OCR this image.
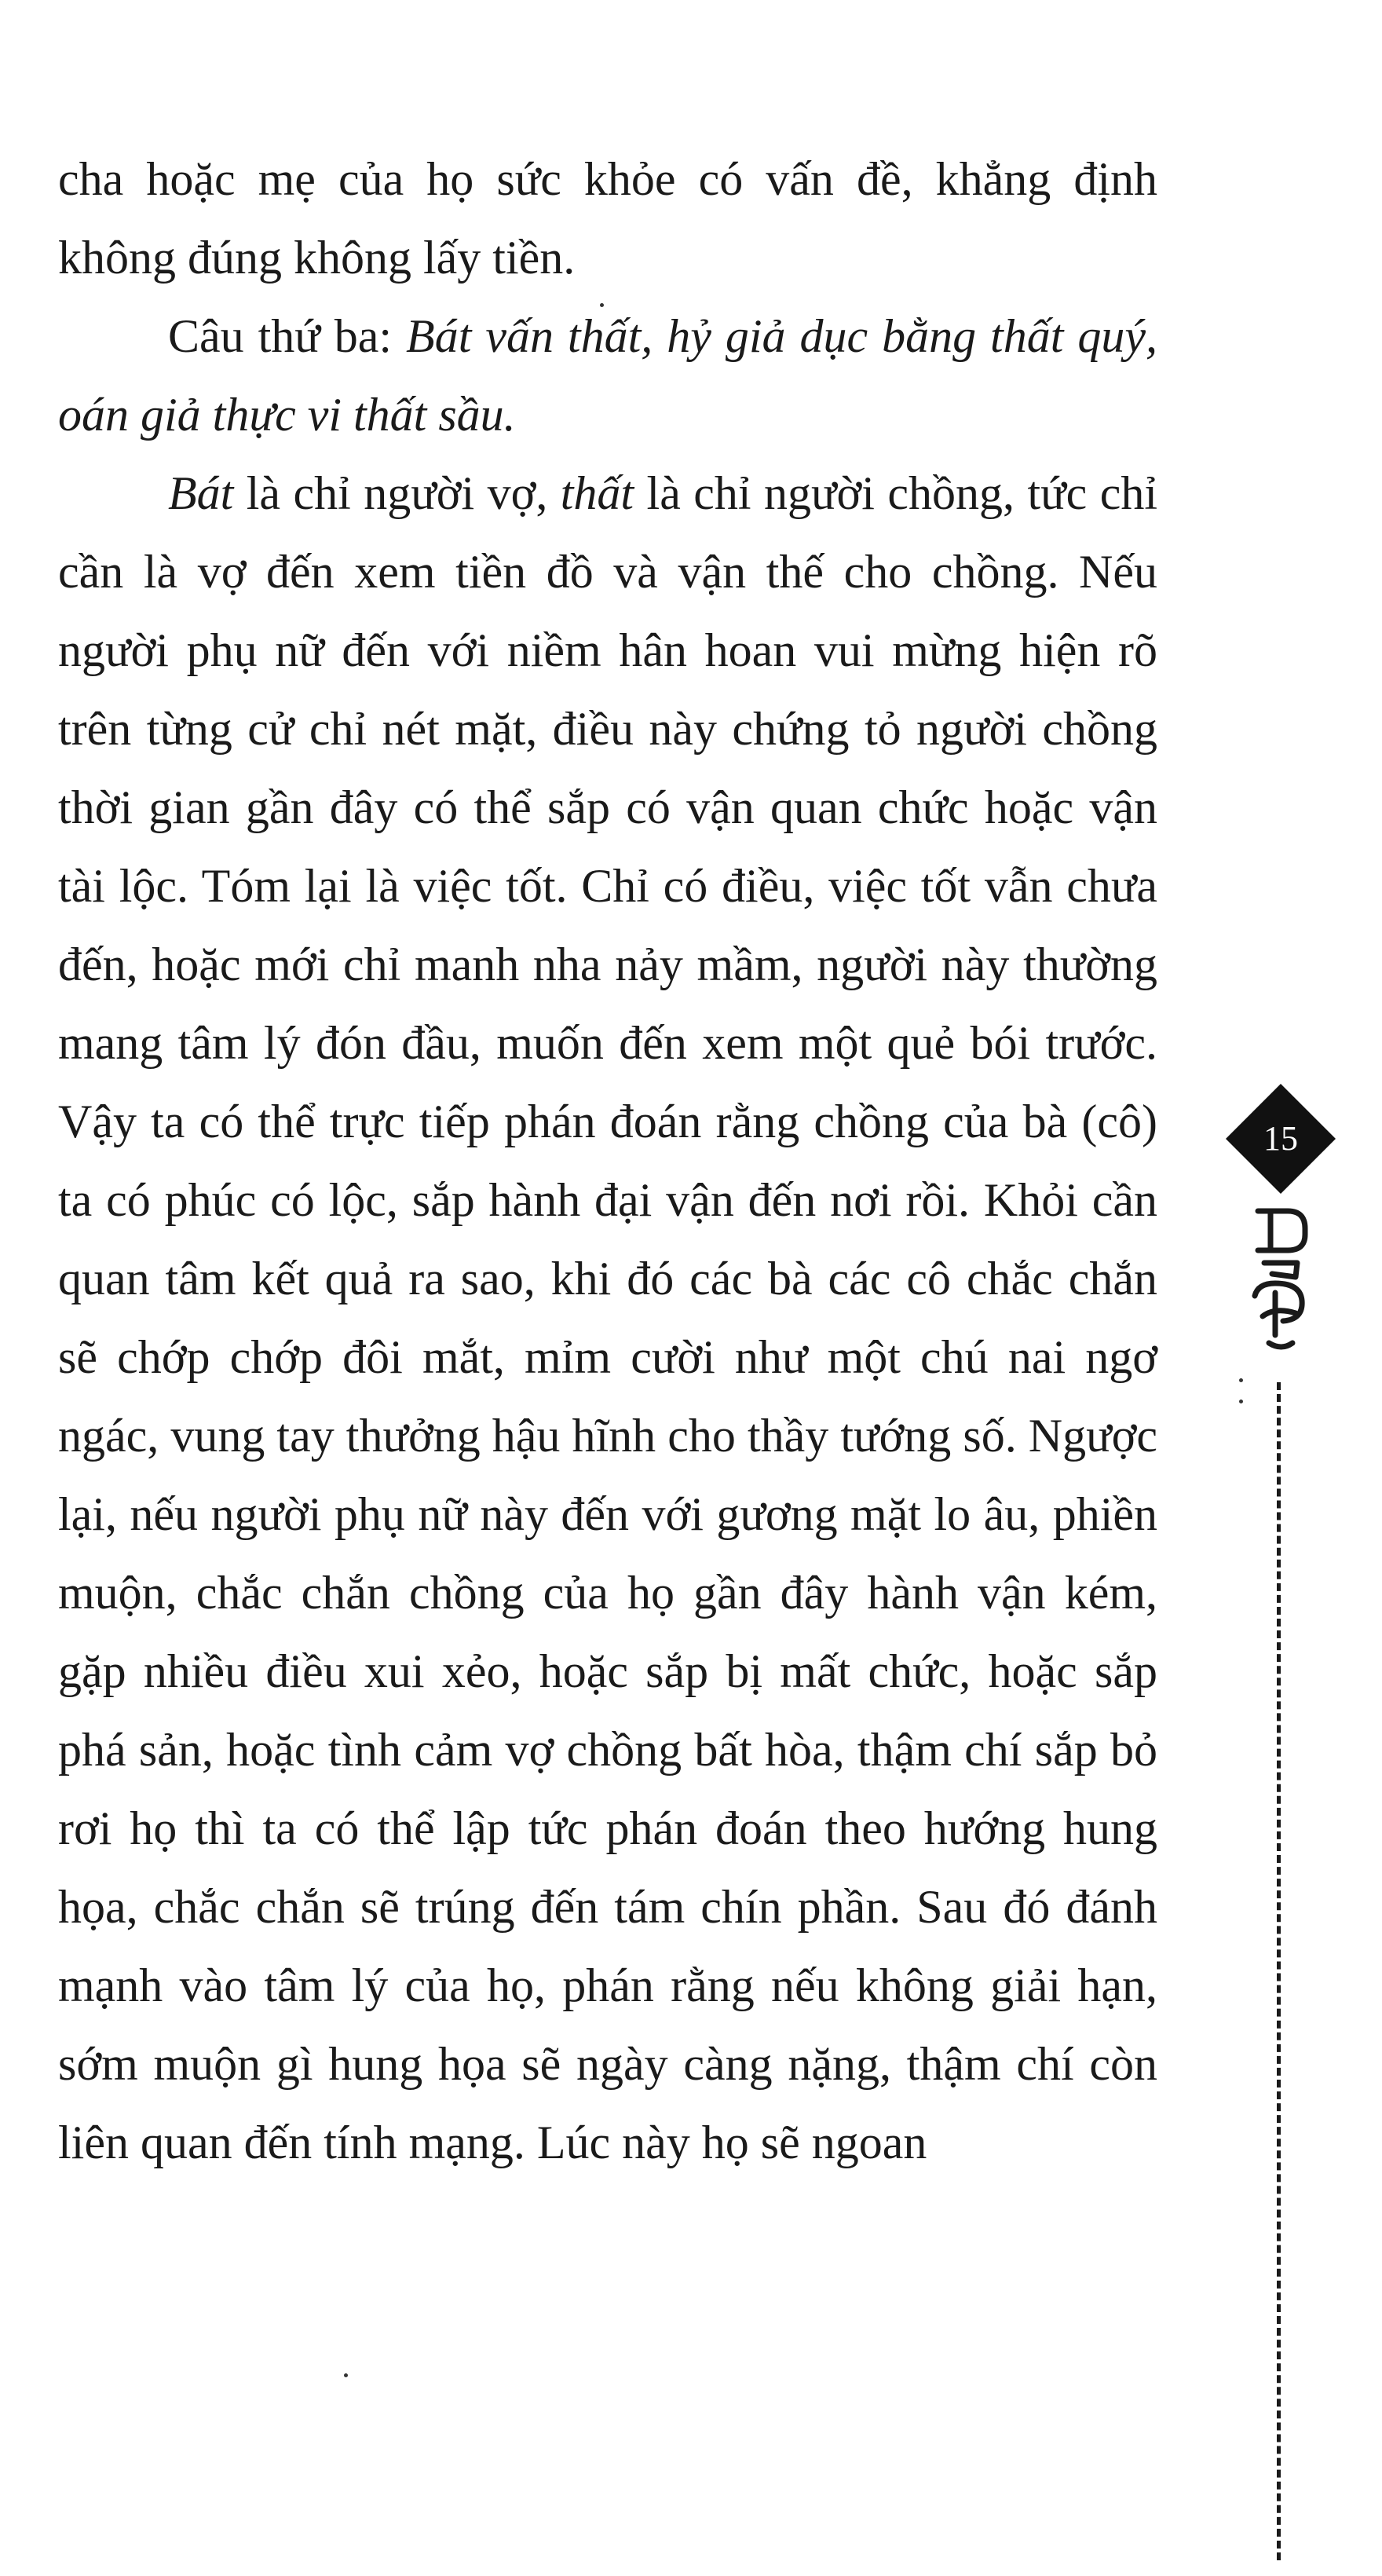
cha hoặc mẹ của họ sức khỏe có vấn đề, khẳng định không đúng không lấy tiền.

Câu thứ ba: Bát vấn thất, hỷ giả dục bằng thất quý, oán giả thực vi thất sầu.

Bát là chỉ người vợ, thất là chỉ người chồng, tức chỉ cần là vợ đến xem tiền đồ và vận thế cho chồng. Nếu người phụ nữ đến với niềm hân hoan vui mừng hiện rõ trên từng cử chỉ nét mặt, điều này chứng tỏ người chồng thời gian gần đây có thể sắp có vận quan chức hoặc vận tài lộc. Tóm lại là việc tốt. Chỉ có điều, việc tốt vẫn chưa đến, hoặc mới chỉ manh nha nảy mầm, người này thường mang tâm lý đón đầu, muốn đến xem một quẻ bói trước. Vậy ta có thể trực tiếp phán đoán rằng chồng của bà (cô) ta có phúc có lộc, sắp hành đại vận đến nơi rồi. Khỏi cần quan tâm kết quả ra sao, khi đó các bà các cô chắc chắn sẽ chớp chớp đôi mắt, mỉm cười như một chú nai ngơ ngác, vung tay thưởng hậu hĩnh cho thầy tướng số. Ngược lại, nếu người phụ nữ này đến với gương mặt lo âu, phiền muộn, chắc chắn chồng của họ gần đây hành vận kém, gặp nhiều điều xui xẻo, hoặc sắp bị mất chức, hoặc sắp phá sản, hoặc tình cảm vợ chồng bất hòa, thậm chí sắp bỏ rơi họ thì ta có thể lập tức phán đoán theo hướng hung họa, chắc chắn sẽ trúng đến tám chín phần. Sau đó đánh mạnh vào tâm lý của họ, phán rằng nếu không giải hạn, sớm muộn gì hung họa sẽ ngày càng nặng, thậm chí còn liên quan đến tính mạng. Lúc này họ sẽ ngoan

15
